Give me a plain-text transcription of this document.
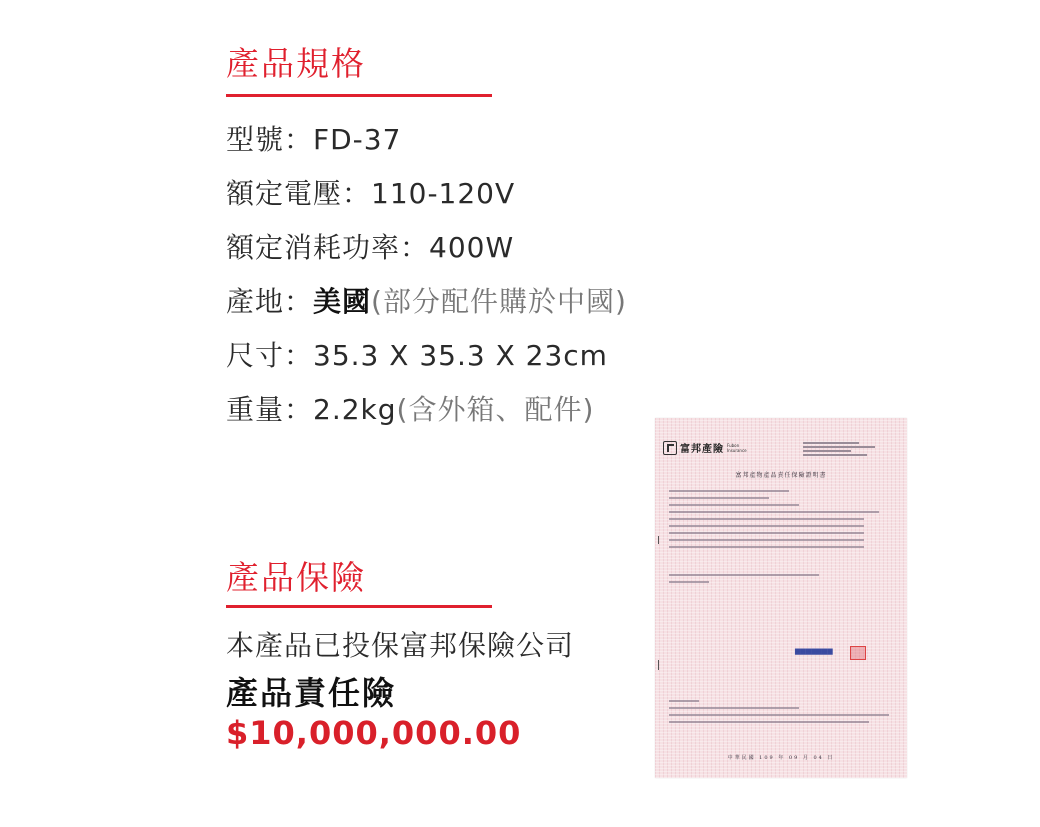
產品規格
型號：FD-37
額定電壓：110-120V
額定消耗功率：400W
產地：美國(部分配件購於中國)
尺寸：35.3 X 35.3 X 23cm
重量：2.2kg(含外箱、配件)
產品保險
本產品已投保富邦保險公司
產品責任險
$10,000,000.00
富邦產險 Fubon
Insurance
富邦產物產品責任保險證明書
▆▆▆▆▆▆▆
中華民國 109 年 09 月 04 日
